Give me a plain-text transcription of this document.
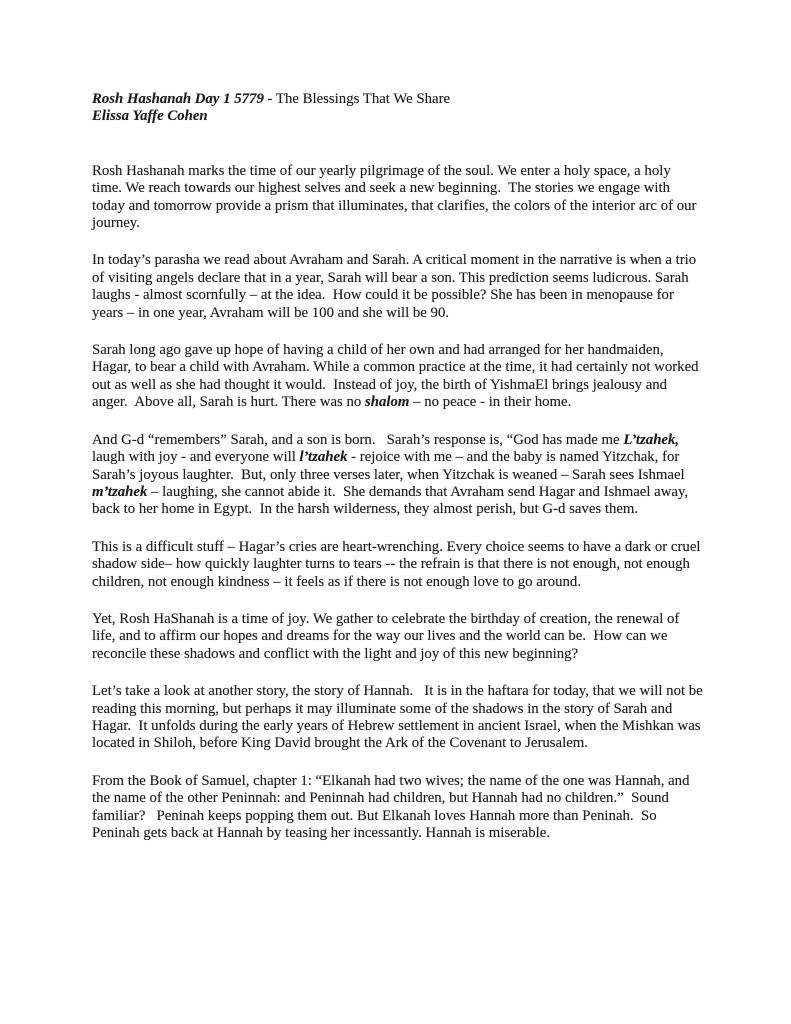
Rosh Hashanah Day 1 5779 - The Blessings That We Share
Elissa Yaffe Cohen

Rosh Hashanah marks the time of our yearly pilgrimage of the soul. We enter a holy space, a holy time. We reach towards our highest selves and seek a new beginning.  The stories we engage with today and tomorrow provide a prism that illuminates, that clarifies, the colors of the interior arc of our journey.

In today’s parasha we read about Avraham and Sarah. A critical moment in the narrative is when a trio of visiting angels declare that in a year, Sarah will bear a son. This prediction seems ludicrous. Sarah laughs - almost scornfully – at the idea.  How could it be possible? She has been in menopause for years – in one year, Avraham will be 100 and she will be 90.

Sarah long ago gave up hope of having a child of her own and had arranged for her handmaiden, Hagar, to bear a child with Avraham. While a common practice at the time, it had certainly not worked out as well as she had thought it would.  Instead of joy, the birth of YishmaEl brings jealousy and anger.  Above all, Sarah is hurt. There was no shalom – no peace - in their home.

And G-d “remembers” Sarah, and a son is born.   Sarah’s response is, “God has made me L’tzahek, laugh with joy - and everyone will l’tzahek - rejoice with me – and the baby is named Yitzchak, for Sarah’s joyous laughter.  But, only three verses later, when Yitzchak is weaned – Sarah sees Ishmael m’tzahek – laughing, she cannot abide it.  She demands that Avraham send Hagar and Ishmael away, back to her home in Egypt.  In the harsh wilderness, they almost perish, but G-d saves them.

This is a difficult stuff – Hagar’s cries are heart-wrenching. Every choice seems to have a dark or cruel shadow side– how quickly laughter turns to tears -- the refrain is that there is not enough, not enough children, not enough kindness – it feels as if there is not enough love to go around.

Yet, Rosh HaShanah is a time of joy. We gather to celebrate the birthday of creation, the renewal of life, and to affirm our hopes and dreams for the way our lives and the world can be.  How can we reconcile these shadows and conflict with the light and joy of this new beginning?

Let’s take a look at another story, the story of Hannah.   It is in the haftara for today, that we will not be reading this morning, but perhaps it may illuminate some of the shadows in the story of Sarah and Hagar.  It unfolds during the early years of Hebrew settlement in ancient Israel, when the Mishkan was located in Shiloh, before King David brought the Ark of the Covenant to Jerusalem.

From the Book of Samuel, chapter 1: “Elkanah had two wives; the name of the one was Hannah, and the name of the other Peninnah: and Peninnah had children, but Hannah had no children.”  Sound familiar?   Peninah keeps popping them out. But Elkanah loves Hannah more than Peninah.  So Peninah gets back at Hannah by teasing her incessantly. Hannah is miserable.
